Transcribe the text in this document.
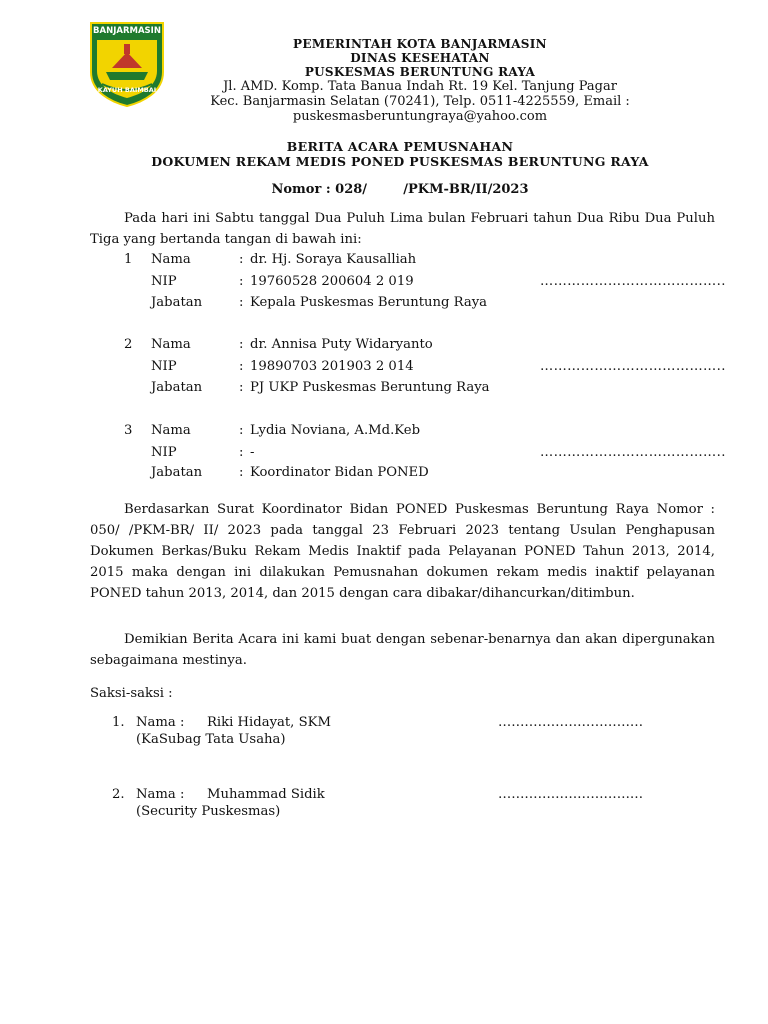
BANJARMASIN
KAYUH BAIMBAI
PEMERINTAH KOTA BANJARMASIN
DINAS KESEHATAN
PUSKESMAS BERUNTUNG RAYA
Jl. AMD. Komp. Tata Banua Indah Rt. 19 Kel. Tanjung Pagar
Kec. Banjarmasin Selatan (70241), Telp. 0511-4225559, Email :
puskesmasberuntungraya@yahoo.com
BERITA ACARA PEMUSNAHAN
DOKUMEN REKAM MEDIS PONED PUSKESMAS BERUNTUNG RAYA
Nomor : 028/        /PKM-BR/II/2023
Pada hari ini Sabtu tanggal Dua Puluh Lima bulan Februari tahun Dua Ribu Dua Puluh Tiga yang bertanda tangan di bawah ini:
1 Nama	: dr. Hj. Soraya Kausalliah
NIP	: 19760528 200604 2 019	…………………………………..
Jabatan	: Kepala Puskesmas Beruntung Raya
2 Nama	: dr. Annisa Puty Widaryanto
NIP	: 19890703 201903 2 014	…………………………………..
Jabatan	: PJ UKP Puskesmas Beruntung Raya
3 Nama	: Lydia Noviana, A.Md.Keb
NIP	: -	…………………………………..
Jabatan	: Koordinator Bidan PONED
Berdasarkan Surat Koordinator Bidan PONED Puskesmas Beruntung Raya Nomor : 050/ /PKM-BR/ II/ 2023 pada tanggal 23 Februari 2023 tentang Usulan Penghapusan Dokumen Berkas/Buku Rekam Medis Inaktif pada Pelayanan PONED Tahun 2013, 2014, 2015 maka dengan ini dilakukan Pemusnahan dokumen rekam medis inaktif pelayanan PONED tahun 2013, 2014, dan 2015 dengan cara dibakar/dihancurkan/ditimbun.
Demikian Berita Acara ini kami buat dengan sebenar-benarnya dan akan dipergunakan sebagaimana mestinya.
Saksi-saksi :
1. Nama : Riki Hidayat, SKM	……………………………
(KaSubag Tata Usaha)
2. Nama : Muhammad Sidik	……………………………
(Security Puskesmas)
